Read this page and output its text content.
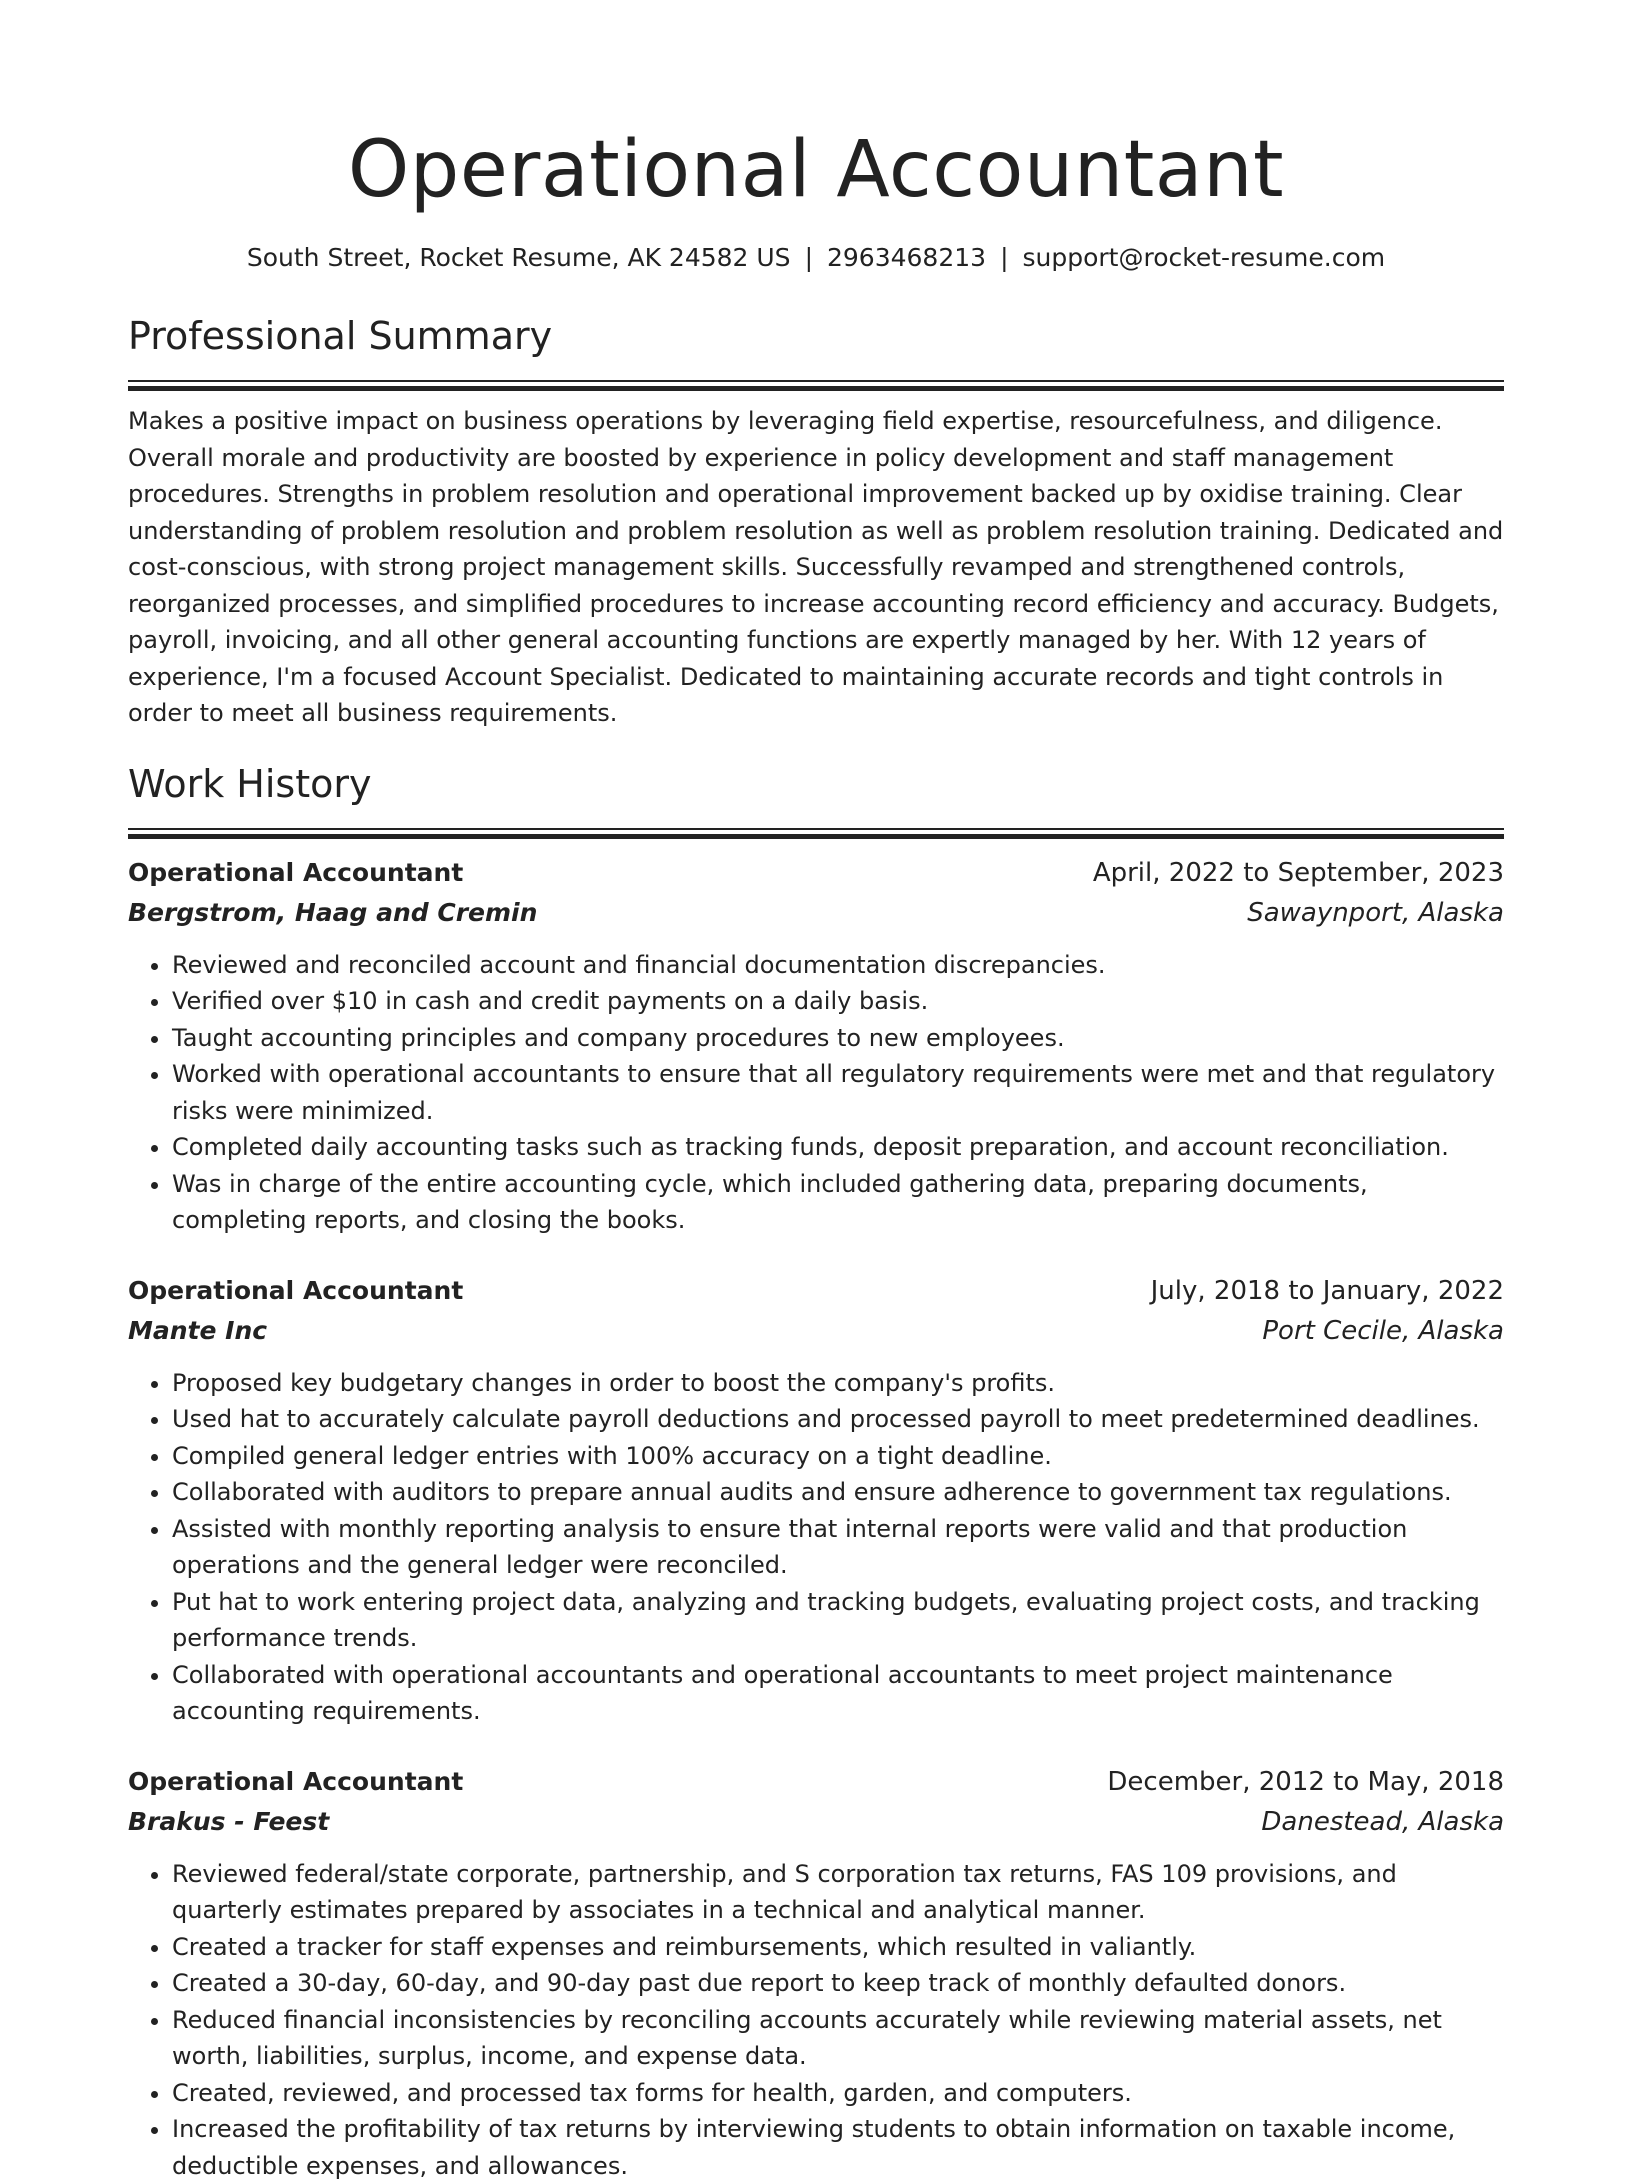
Operational Accountant
South Street, Rocket Resume, AK 24582 US | 2963468213 | support@rocket-resume.com
Professional Summary

Makes a positive impact on business operations by leveraging field expertise, resourcefulness, and diligence. Overall morale and productivity are boosted by experience in policy development and staff management procedures. Strengths in problem resolution and operational improvement backed up by oxidise training. Clear understanding of problem resolution and problem resolution as well as problem resolution training. Dedicated and cost-conscious, with strong project management skills. Successfully revamped and strengthened controls, reorganized processes, and simplified procedures to increase accounting record efficiency and accuracy. Budgets, payroll, invoicing, and all other general accounting functions are expertly managed by her. With 12 years of experience, I'm a focused Account Specialist. Dedicated to maintaining accurate records and tight controls in order to meet all business requirements.

Work History
Operational Accountant	April, 2022 to September, 2023
Bergstrom, Haag and Cremin	Sawaynport, Alaska
• Reviewed and reconciled account and financial documentation discrepancies.
• Verified over $10 in cash and credit payments on a daily basis.
• Taught accounting principles and company procedures to new employees.
• Worked with operational accountants to ensure that all regulatory requirements were met and that regulatory risks were minimized.
• Completed daily accounting tasks such as tracking funds, deposit preparation, and account reconciliation.
• Was in charge of the entire accounting cycle, which included gathering data, preparing documents, completing reports, and closing the books.
Operational Accountant	July, 2018 to January, 2022
Mante Inc	Port Cecile, Alaska
• Proposed key budgetary changes in order to boost the company's profits.
• Used hat to accurately calculate payroll deductions and processed payroll to meet predetermined deadlines.
• Compiled general ledger entries with 100% accuracy on a tight deadline.
• Collaborated with auditors to prepare annual audits and ensure adherence to government tax regulations.
• Assisted with monthly reporting analysis to ensure that internal reports were valid and that production operations and the general ledger were reconciled.
• Put hat to work entering project data, analyzing and tracking budgets, evaluating project costs, and tracking performance trends.
• Collaborated with operational accountants and operational accountants to meet project maintenance accounting requirements.
Operational Accountant	December, 2012 to May, 2018
Brakus - Feest	Danestead, Alaska
• Reviewed federal/state corporate, partnership, and S corporation tax returns, FAS 109 provisions, and quarterly estimates prepared by associates in a technical and analytical manner.
• Created a tracker for staff expenses and reimbursements, which resulted in valiantly.
• Created a 30-day, 60-day, and 90-day past due report to keep track of monthly defaulted donors.
• Reduced financial inconsistencies by reconciling accounts accurately while reviewing material assets, net worth, liabilities, surplus, income, and expense data.
• Created, reviewed, and processed tax forms for health, garden, and computers.
• Increased the profitability of tax returns by interviewing students to obtain information on taxable income, deductible expenses, and allowances.
